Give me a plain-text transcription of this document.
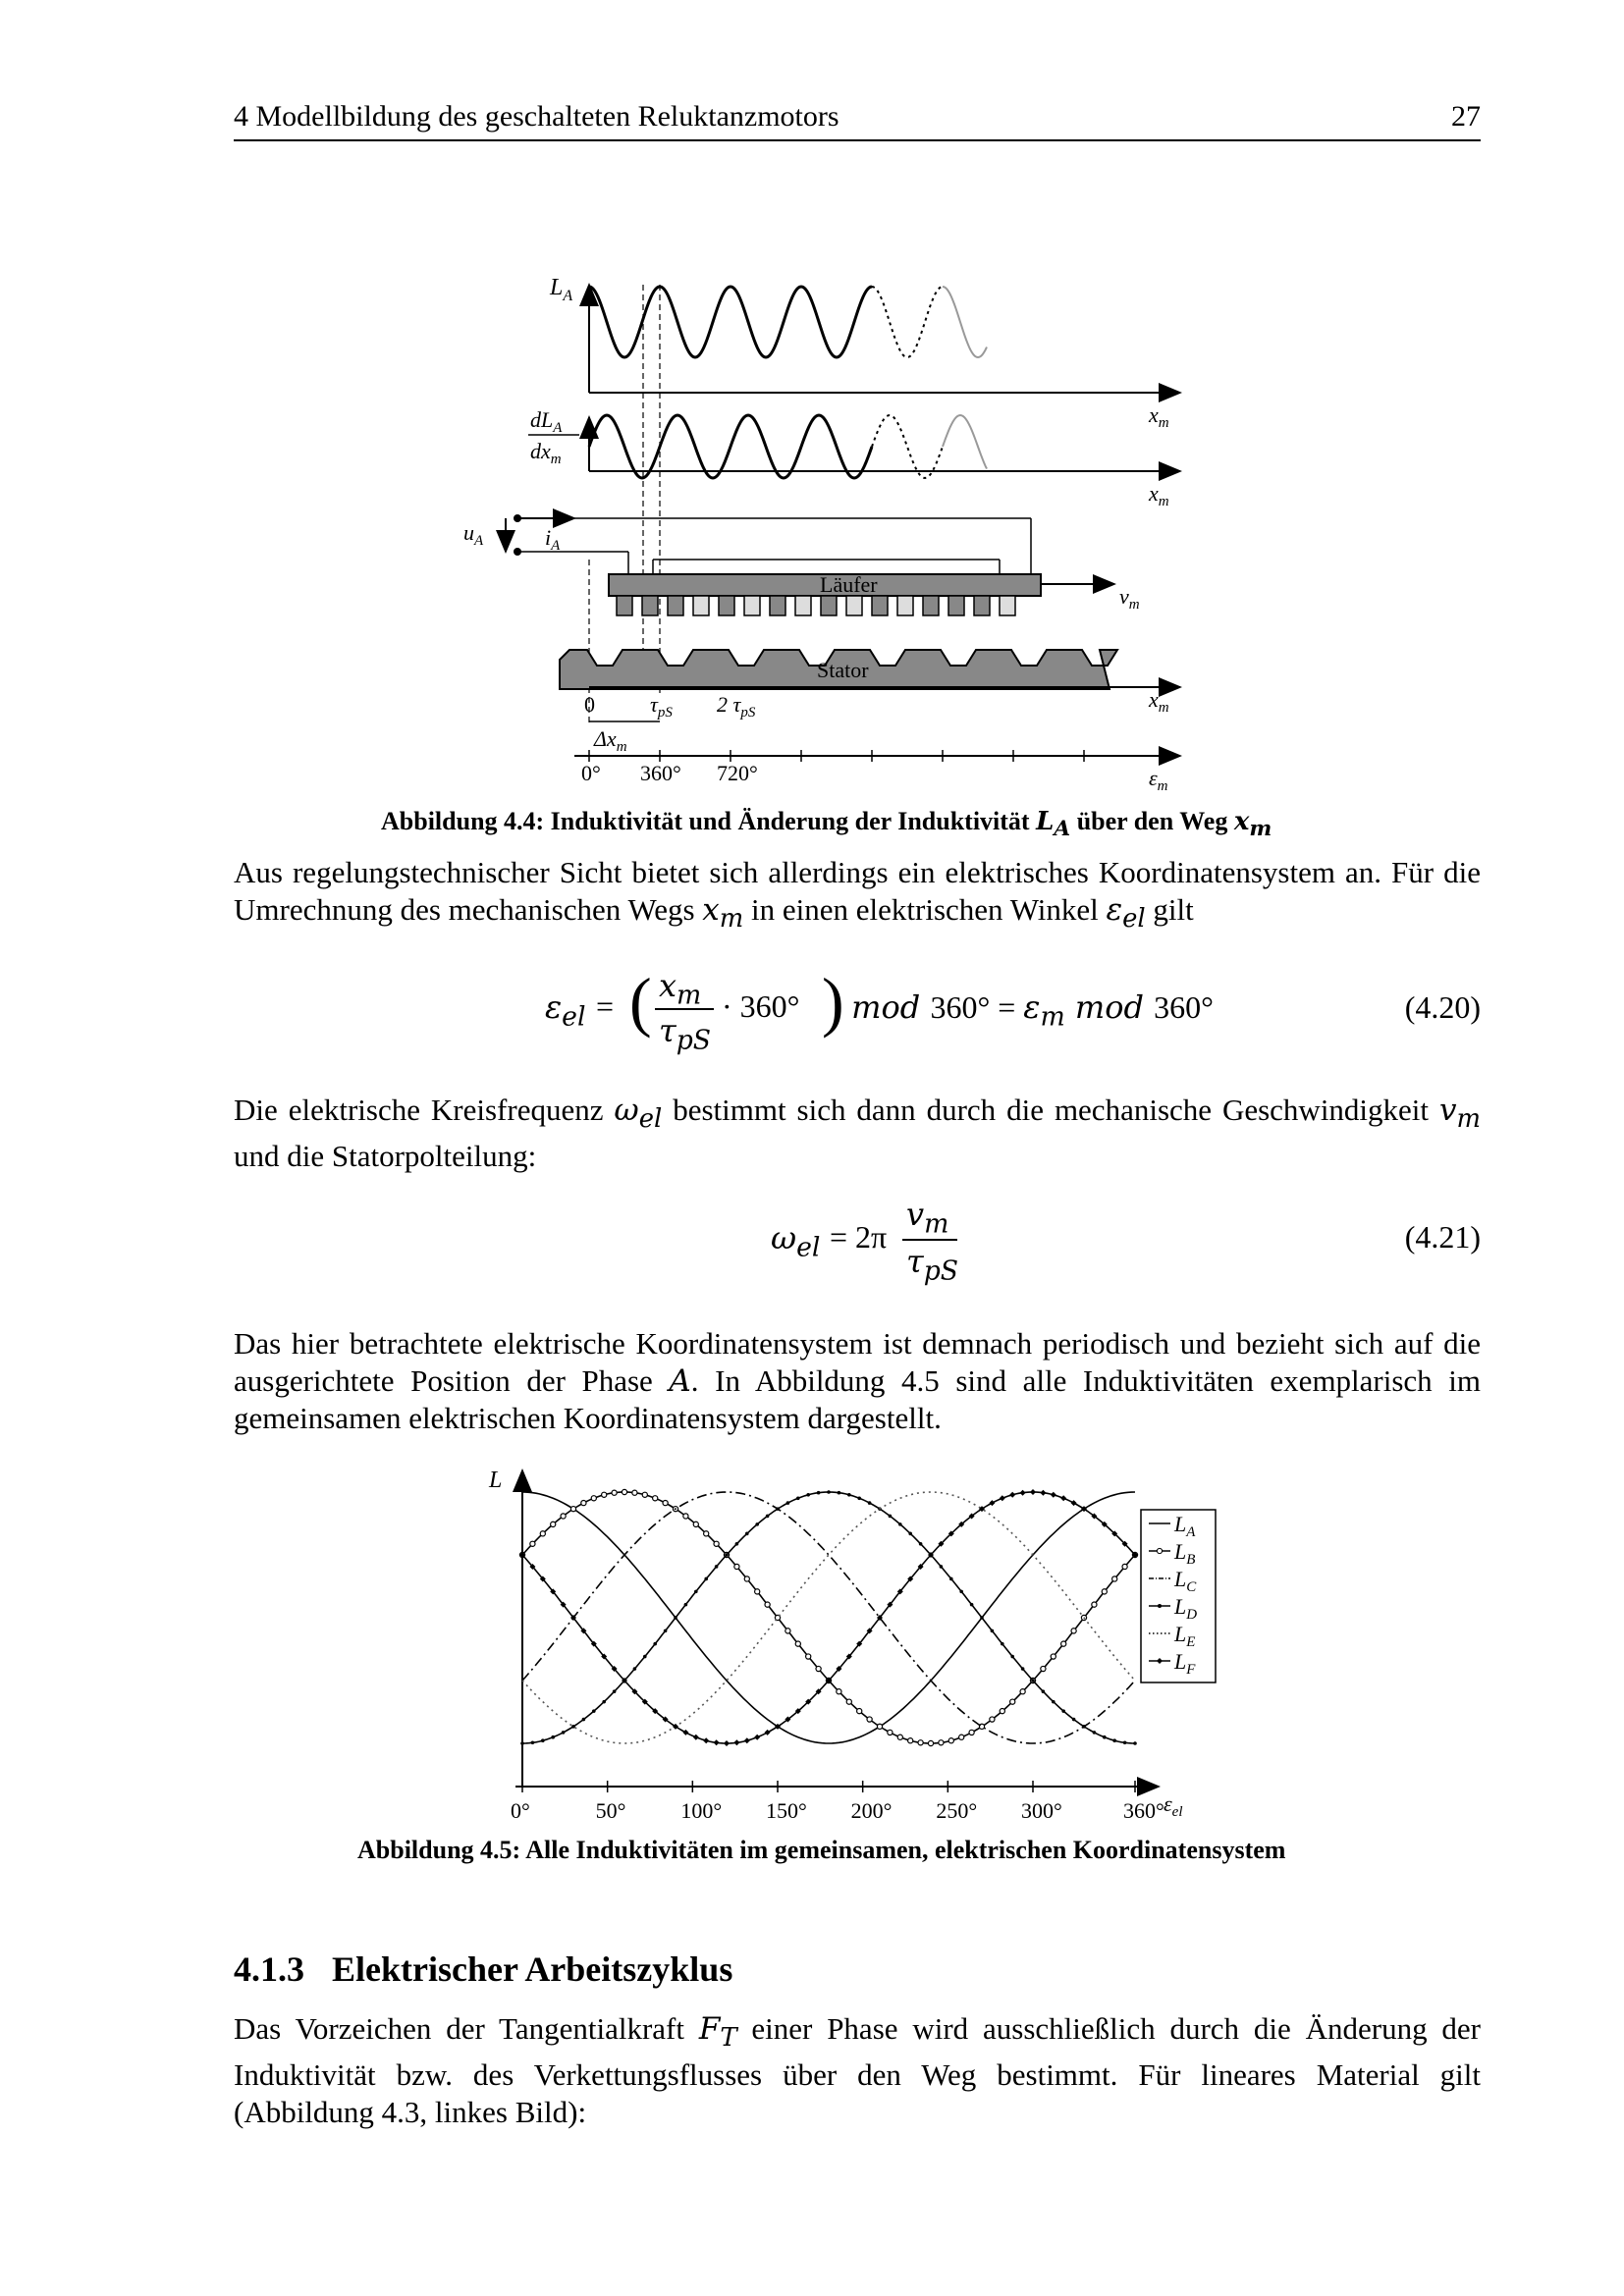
4 Modellbildung des geschalteten Reluktanzmotors	27
$L_A$
$x_m$
$dL_A$
$dx_m$
$x_m$
$u_A$	$i_A$
Läufer	$v_m$
Stator
$x_m$
0	$\tau_{pS}$ 2 $\tau_{pS}$
$\Delta x_m$
0° 360° 720°	$\varepsilon_m$
Abbildung 4.4: Induktivität und Änderung der Induktivität $L_A$ über den Weg $x_m$
Aus regelungstechnischer Sicht bietet sich allerdings ein elektrisches Koordinatensystem an. Für die Umrechnung des mechanischen Wegs $x_m$ in einen elektrischen Winkel $\varepsilon_{el}$ gilt
$\varepsilon_{el}$ = ( $x_m$
$\tau_{pS}$
· 360° )
mod $360^\circ = \varepsilon_m$ mod 360°	(4.20)
Die elektrische Kreisfrequenz $\omega_{el}$ bestimmt sich dann durch die mechanische Geschwindigkeit $v_m$ und die Statorpolteilung:
$\omega_{el} = 2\pi$
$v_m$
$\tau_{pS}$
(4.21)
Das hier betrachtete elektrische Koordinatensystem ist demnach periodisch und bezieht sich auf die ausgerichtete Position der Phase A. In Abbildung 4.5 sind alle Induktivitäten exemplarisch im gemeinsamen elektrischen Koordinatensystem dargestellt.
L
0°	50°	100° 150° 200° 250° 300°	360° $\varepsilon_{el}$
$L_A$
$L_B$
$L_C$
$L_D$
$L_E$
$L_F$
Abbildung 4.5: Alle Induktivitäten im gemeinsamen, elektrischen Koordinatensystem
4.1.3 Elektrischer Arbeitszyklus
Das Vorzeichen der Tangentialkraft $F_T$ einer Phase wird ausschließlich durch die Änderung der Induktivität bzw. des Verkettungsflusses über den Weg bestimmt. Für lineares Material gilt (Abbildung 4.3, linkes Bild):
